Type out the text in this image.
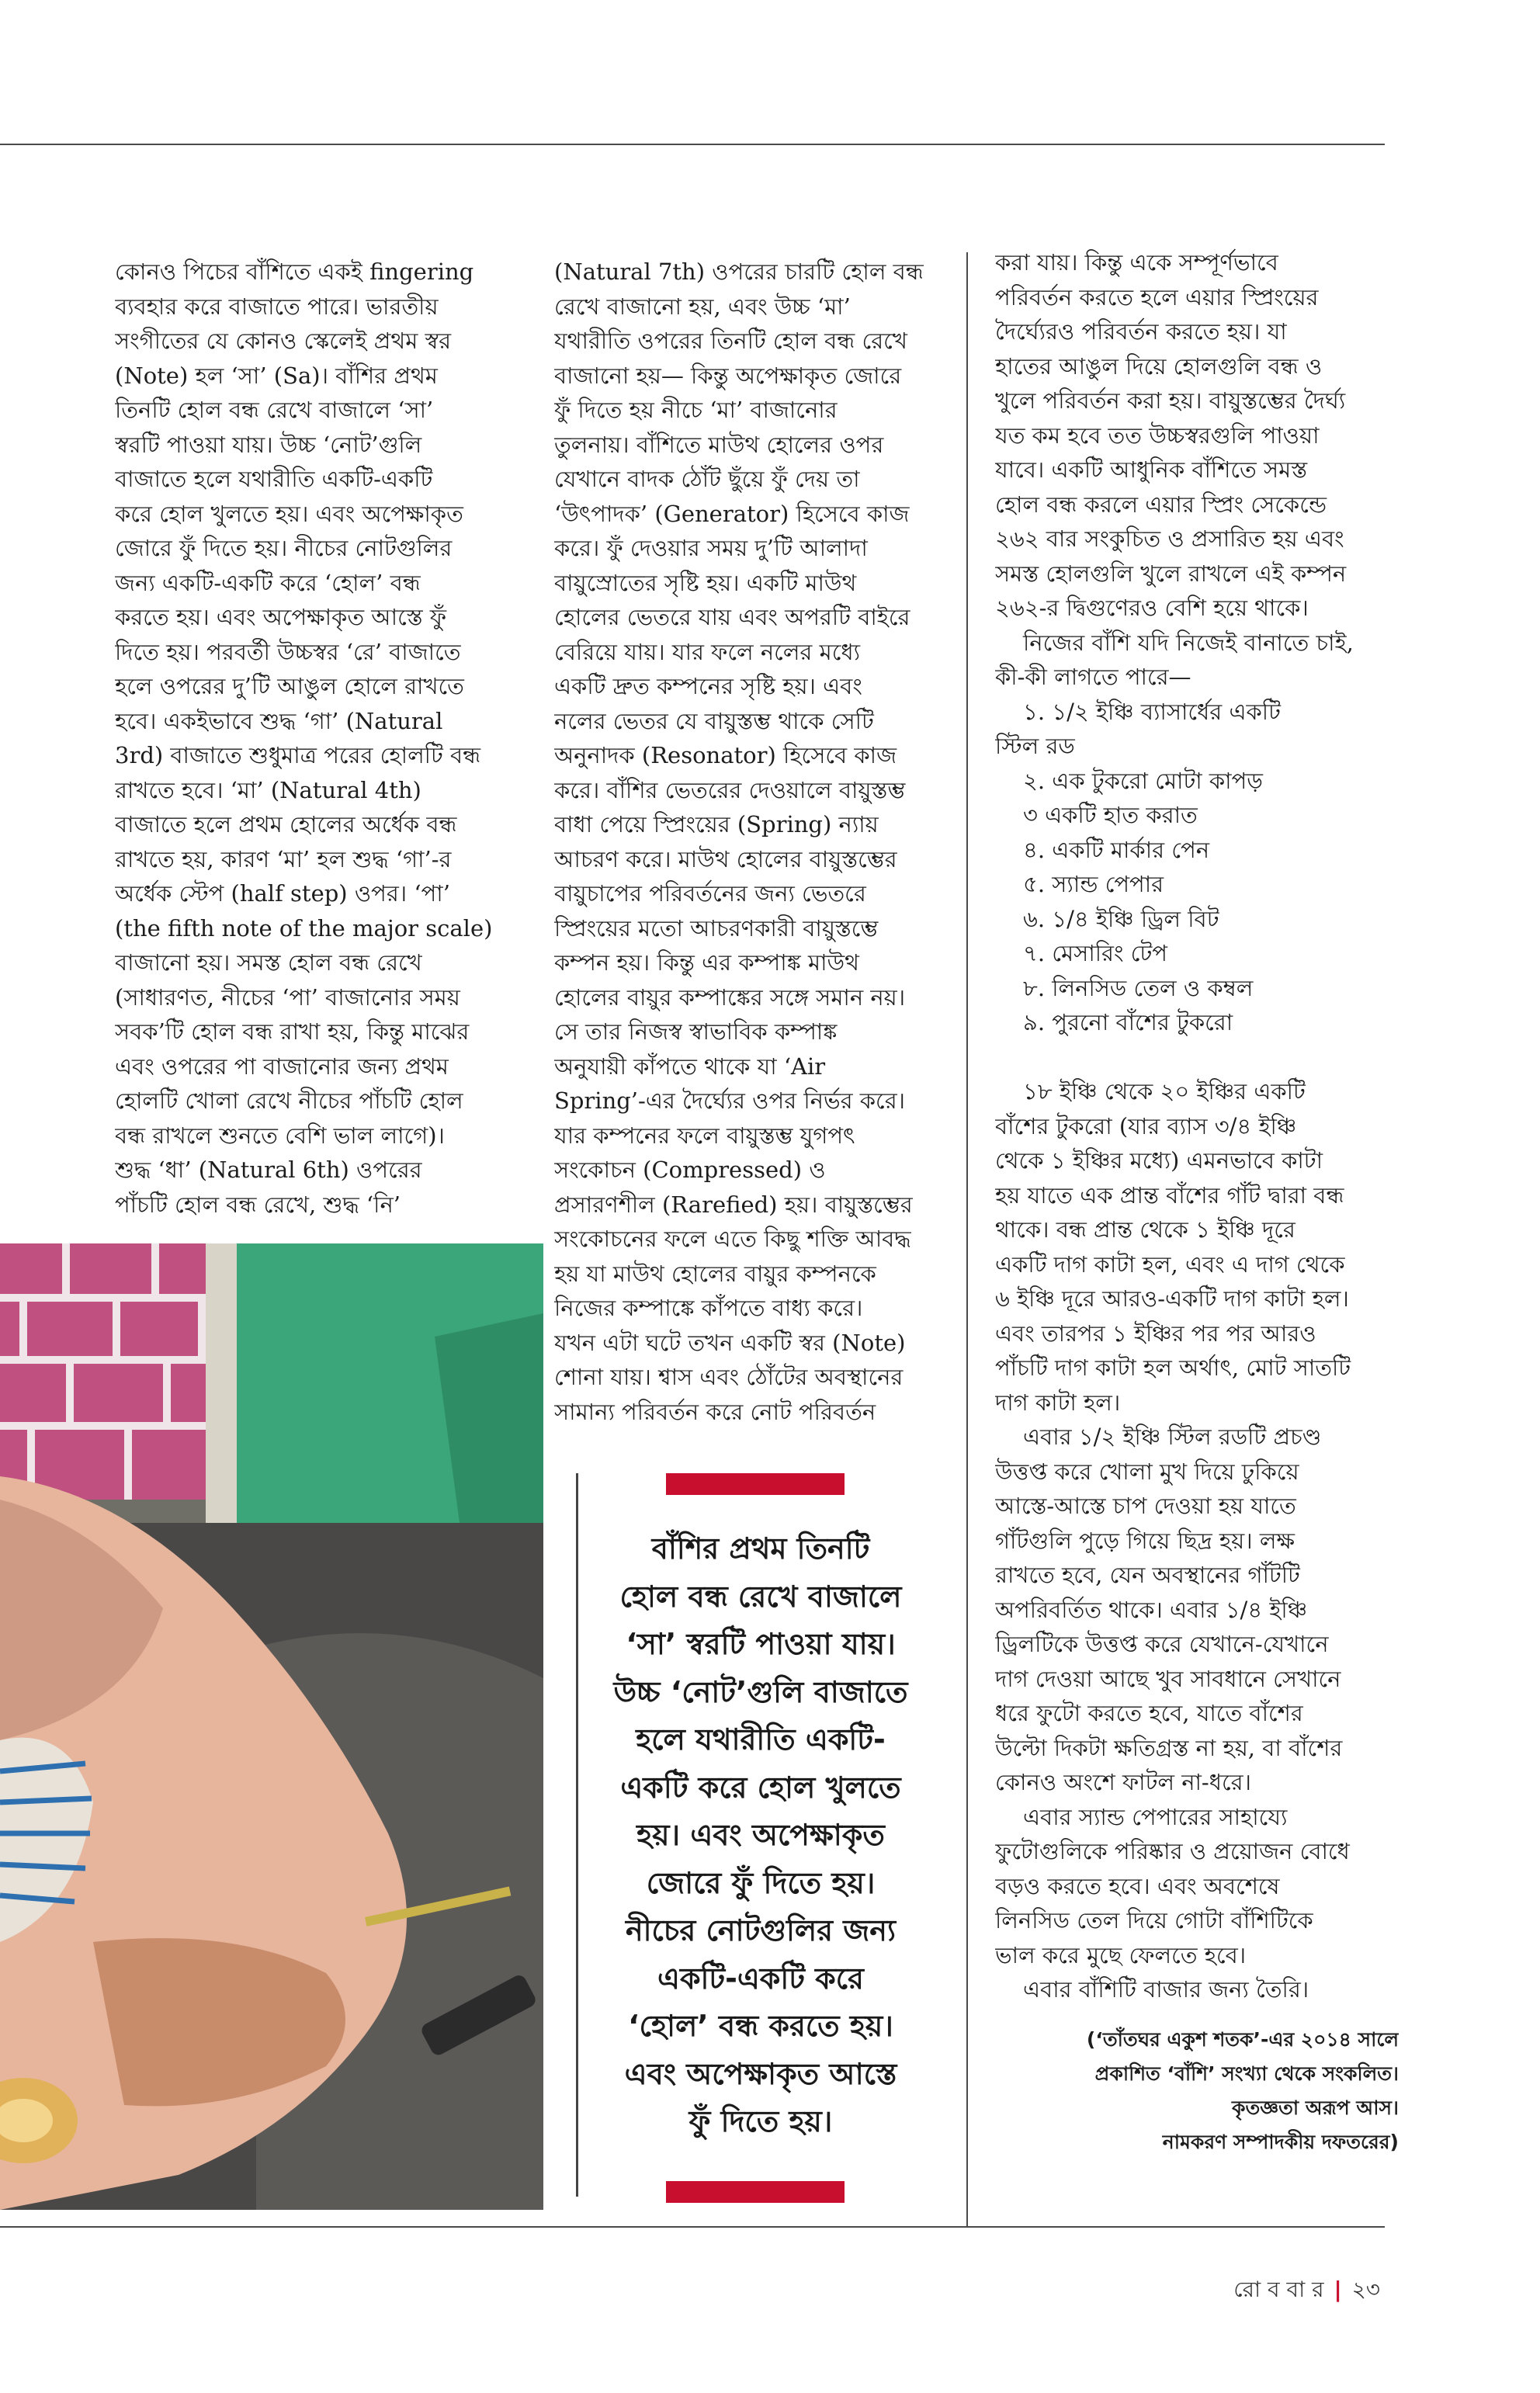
কোনও পিচের বাঁশিতে একই fingering
ব্যবহার করে বাজাতে পারে। ভারতীয়
সংগীতের যে কোনও স্কেলেই প্রথম স্বর
(Note) হল ‘সা’ (Sa)। বাঁশির প্রথম
তিনটি হোল বন্ধ রেখে বাজালে ‘সা’
স্বরটি পাওয়া যায়। উচ্চ ‘নোট’গুলি
বাজাতে হলে যথারীতি একটি-একটি
করে হোল খুলতে হয়। এবং অপেক্ষাকৃত
জোরে ফুঁ দিতে হয়। নীচের নোটগুলির
জন্য একটি-একটি করে ‘হোল’ বন্ধ
করতে হয়। এবং অপেক্ষাকৃত আস্তে ফুঁ
দিতে হয়। পরবর্তী উচ্চস্বর ‘রে’ বাজাতে
হলে ওপরের দু’টি আঙুল হোলে রাখতে
হবে। একইভাবে শুদ্ধ ‘গা’ (Natural
3rd) বাজাতে শুধুমাত্র পরের হোলটি বন্ধ
রাখতে হবে। ‘মা’ (Natural 4th)
বাজাতে হলে প্রথম হোলের অর্ধেক বন্ধ
রাখতে হয়, কারণ ‘মা’ হল শুদ্ধ ‘গা’-র
অর্ধেক স্টেপ (half step) ওপর। ‘পা’
(the fifth note of the major scale)
বাজানো হয়। সমস্ত হোল বন্ধ রেখে
(সাধারণত, নীচের ‘পা’ বাজানোর সময়
সবক’টি হোল বন্ধ রাখা হয়, কিন্তু মাঝের
এবং ওপরের পা বাজানোর জন্য প্রথম
হোলটি খোলা রেখে নীচের পাঁচটি হোল
বন্ধ রাখলে শুনতে বেশি ভাল লাগে)।
শুদ্ধ ‘ধা’ (Natural 6th) ওপরের
পাঁচটি হোল বন্ধ রেখে, শুদ্ধ ‘নি’
(Natural 7th) ওপরের চারটি হোল বন্ধ
রেখে বাজানো হয়, এবং উচ্চ ‘মা’
যথারীতি ওপরের তিনটি হোল বন্ধ রেখে
বাজানো হয়— কিন্তু অপেক্ষাকৃত জোরে
ফুঁ দিতে হয় নীচে ‘মা’ বাজানোর
তুলনায়। বাঁশিতে মাউথ হোলের ওপর
যেখানে বাদক ঠোঁট ছুঁয়ে ফুঁ দেয় তা
‘উৎপাদক’ (Generator) হিসেবে কাজ
করে। ফুঁ দেওয়ার সময় দু’টি আলাদা
বায়ুস্রোতের সৃষ্টি হয়। একটি মাউথ
হোলের ভেতরে যায় এবং অপরটি বাইরে
বেরিয়ে যায়। যার ফলে নলের মধ্যে
একটি দ্রুত কম্পনের সৃষ্টি হয়। এবং
নলের ভেতর যে বায়ুস্তম্ভ থাকে সেটি
অনুনাদক (Resonator) হিসেবে কাজ
করে। বাঁশির ভেতরের দেওয়ালে বায়ুস্তম্ভ
বাধা পেয়ে স্প্রিংয়ের (Spring) ন্যায়
আচরণ করে। মাউথ হোলের বায়ুস্তম্ভের
বায়ুচাপের পরিবর্তনের জন্য ভেতরে
স্প্রিংয়ের মতো আচরণকারী বায়ুস্তম্ভে
কম্পন হয়। কিন্তু এর কম্পাঙ্ক মাউথ
হোলের বায়ুর কম্পাঙ্কের সঙ্গে সমান নয়।
সে তার নিজস্ব স্বাভাবিক কম্পাঙ্ক
অনুযায়ী কাঁপতে থাকে যা ‘Air
Spring’-এর দৈর্ঘ্যের ওপর নির্ভর করে।
যার কম্পনের ফলে বায়ুস্তম্ভ যুগপৎ
সংকোচন (Compressed) ও
প্রসারণশীল (Rarefied) হয়। বায়ুস্তম্ভের
সংকোচনের ফলে এতে কিছু শক্তি আবদ্ধ
হয় যা মাউথ হোলের বায়ুর কম্পনকে
নিজের কম্পাঙ্কে কাঁপতে বাধ্য করে।
যখন এটা ঘটে তখন একটি স্বর (Note)
শোনা যায়। শ্বাস এবং ঠোঁটের অবস্থানের
সামান্য পরিবর্তন করে নোট পরিবর্তন
করা যায়। কিন্তু একে সম্পূর্ণভাবে
পরিবর্তন করতে হলে এয়ার স্প্রিংয়ের
দৈর্ঘ্যেরও পরিবর্তন করতে হয়। যা
হাতের আঙুল দিয়ে হোলগুলি বন্ধ ও
খুলে পরিবর্তন করা হয়। বায়ুস্তম্ভের দৈর্ঘ্য
যত কম হবে তত উচ্চস্বরগুলি পাওয়া
যাবে। একটি আধুনিক বাঁশিতে সমস্ত
হোল বন্ধ করলে এয়ার স্প্রিং সেকেন্ডে
২৬২ বার সংকুচিত ও প্রসারিত হয় এবং
সমস্ত হোলগুলি খুলে রাখলে এই কম্পন
২৬২-র দ্বিগুণেরও বেশি হয়ে থাকে।
নিজের বাঁশি যদি নিজেই বানাতে চাই,
কী-কী লাগতে পারে—
১. ১/২ ইঞ্চি ব্যাসার্ধের একটি
স্টিল রড
২. এক টুকরো মোটা কাপড়
৩ একটি হাত করাত
৪. একটি মার্কার পেন
৫. স্যান্ড পেপার
৬. ১/৪ ইঞ্চি ড্রিল বিট
৭. মেসারিং টেপ
৮. লিনসিড তেল ও কম্বল
৯. পুরনো বাঁশের টুকরো
১৮ ইঞ্চি থেকে ২০ ইঞ্চির একটি
বাঁশের টুকরো (যার ব্যাস ৩/৪ ইঞ্চি
থেকে ১ ইঞ্চির মধ্যে) এমনভাবে কাটা
হয় যাতে এক প্রান্ত বাঁশের গাঁট দ্বারা বন্ধ
থাকে। বন্ধ প্রান্ত থেকে ১ ইঞ্চি দূরে
একটি দাগ কাটা হল, এবং এ দাগ থেকে
৬ ইঞ্চি দূরে আরও-একটি দাগ কাটা হল।
এবং তারপর ১ ইঞ্চির পর পর আরও
পাঁচটি দাগ কাটা হল অর্থাৎ, মোট সাতটি
দাগ কাটা হল।
এবার ১/২ ইঞ্চি স্টিল রডটি প্রচণ্ড
উত্তপ্ত করে খোলা মুখ দিয়ে ঢুকিয়ে
আস্তে-আস্তে চাপ দেওয়া হয় যাতে
গাঁটগুলি পুড়ে গিয়ে ছিদ্র হয়। লক্ষ
রাখতে হবে, যেন অবস্থানের গাঁটটি
অপরিবর্তিত থাকে। এবার ১/৪ ইঞ্চি
ড্রিলটিকে উত্তপ্ত করে যেখানে-যেখানে
দাগ দেওয়া আছে খুব সাবধানে সেখানে
ধরে ফুটো করতে হবে, যাতে বাঁশের
উল্টো দিকটা ক্ষতিগ্রস্ত না হয়, বা বাঁশের
কোনও অংশে ফাটল না-ধরে।
এবার স্যান্ড পেপারের সাহায্যে
ফুটোগুলিকে পরিষ্কার ও প্রয়োজন বোধে
বড়ও করতে হবে। এবং অবশেষে
লিনসিড তেল দিয়ে গোটা বাঁশিটিকে
ভাল করে মুছে ফেলতে হবে।
এবার বাঁশিটি বাজার জন্য তৈরি।
(‘তাঁতঘর একুশ শতক’-এর ২০১৪ সালে
প্রকাশিত ‘বাঁশি’ সংখ্যা থেকে সংকলিত।
কৃতজ্ঞতা অরূপ আস।
নামকরণ সম্পাদকীয় দফতরের)
বাঁশির প্রথম তিনটি
হোল বন্ধ রেখে বাজালে
‘সা’ স্বরটি পাওয়া যায়।
উচ্চ ‘নোট’গুলি বাজাতে
হলে যথারীতি একটি-
একটি করে হোল খুলতে
হয়। এবং অপেক্ষাকৃত
জোরে ফুঁ দিতে হয়।
নীচের নোটগুলির জন্য
একটি-একটি করে
‘হোল’ বন্ধ করতে হয়।
এবং অপেক্ষাকৃত আস্তে
ফুঁ দিতে হয়।
রো ব বা র | ২৩
